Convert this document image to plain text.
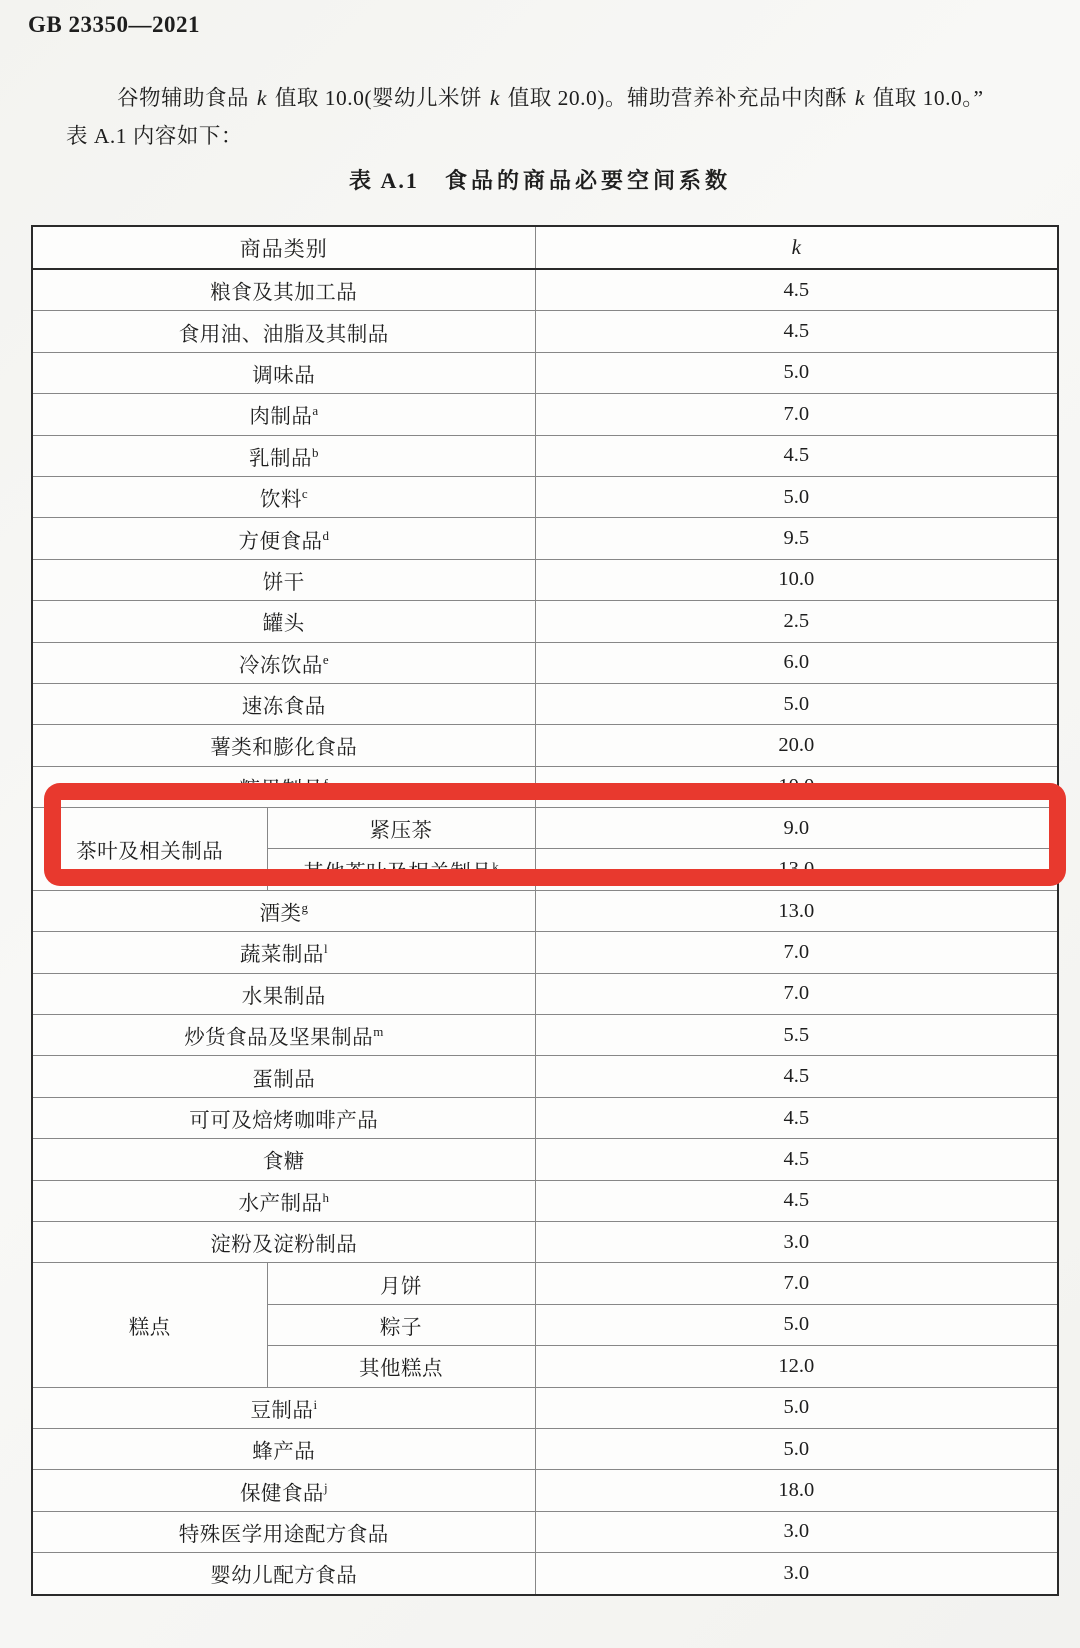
GB 23350—2021
谷物辅助食品 k 值取 10.0(婴幼儿米饼 k 值取 20.0)。辅助营养补充品中肉酥 k 值取 10.0。”
表 A.1 内容如下：
表 A.1 食品的商品必要空间系数
商品类别		k
粮食及其加工品		4.5
食用油、油脂及其制品		4.5
调味品		5.0
肉制品$^a$		7.0
乳制品$^b$		4.5
饮料$^c$		5.0
方便食品$^d$		9.5
饼干		10.0
罐头		2.5
冷冻饮品$^e$		6.0
速冻食品		5.0
薯类和膨化食品		20.0
糖果制品$^f$		10.0
茶叶及相关制品	紧压茶	9.0
	其他茶叶及相关制品$^k$	13.0
酒类$^g$		13.0
蔬菜制品$^l$		7.0
水果制品		7.0
炒货食品及坚果制品$^m$		5.5
蛋制品		4.5
可可及焙烤咖啡产品		4.5
食糖		4.5
水产制品$^h$		4.5
淀粉及淀粉制品		3.0
糕点	月饼	7.0
	粽子	5.0
	其他糕点	12.0
豆制品$^i$		5.0
蜂产品		5.0
保健食品$^j$		18.0
特殊医学用途配方食品		3.0
婴幼儿配方食品		3.0
